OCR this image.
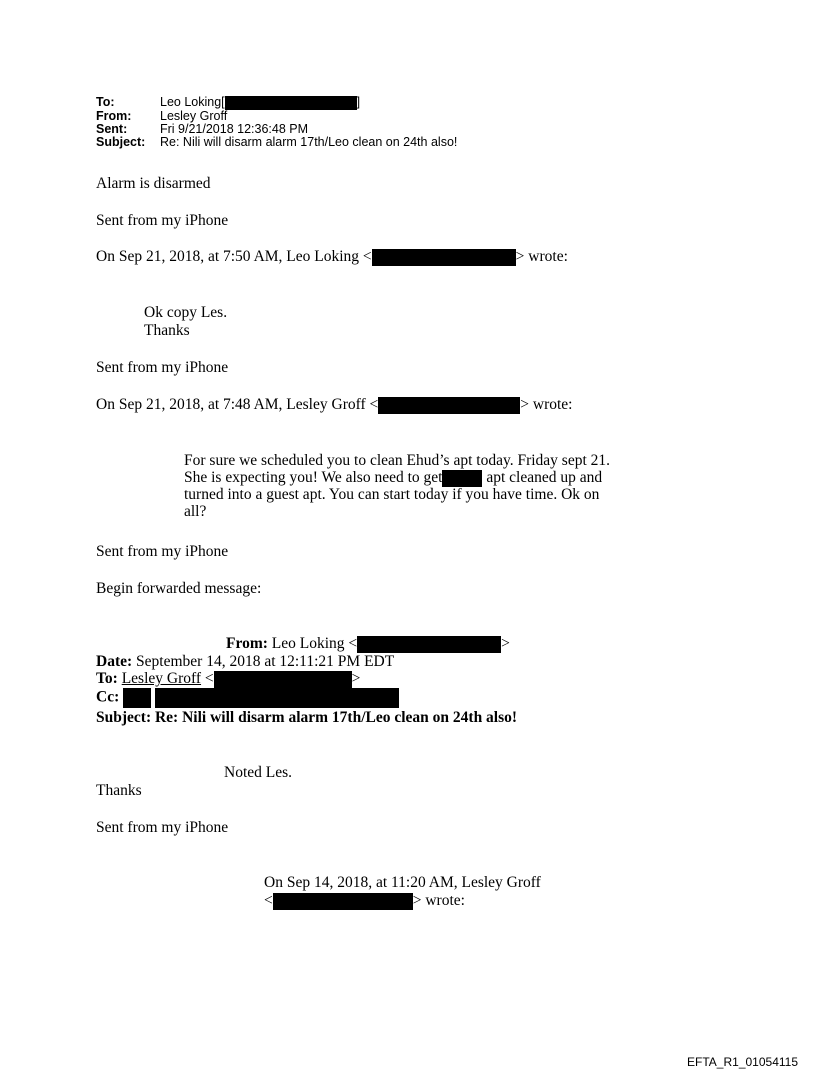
To:	Leo Loking[	]
From:	Lesley Groff
Sent:	Fri 9/21/2018 12:36:48 PM
Subject:	Re: Nili will disarm alarm 17th/Leo clean on 24th also!
Alarm is disarmed
Sent from my iPhone
On Sep 21, 2018, at 7:50 AM, Leo Loking <	> wrote:
Ok copy Les.
Thanks
Sent from my iPhone
On Sep 21, 2018, at 7:48 AM, Lesley Groff <	> wrote:
For sure we scheduled you to clean Ehud’s apt today. Friday sept 21.
She is expecting you! We also need to get	apt cleaned up and
turned into a guest apt. You can start today if you have time. Ok on
all?
Sent from my iPhone
Begin forwarded message:
From: Leo Loking <	>
Date: September 14, 2018 at 12:11:21 PM EDT
To: Lesley Groff <	>
Cc:
Subject: Re: Nili will disarm alarm 17th/Leo clean on 24th also!
Noted Les.
Thanks
Sent from my iPhone
On Sep 14, 2018, at 11:20 AM, Lesley Groff
<	> wrote:
EFTA_R1_01054115
